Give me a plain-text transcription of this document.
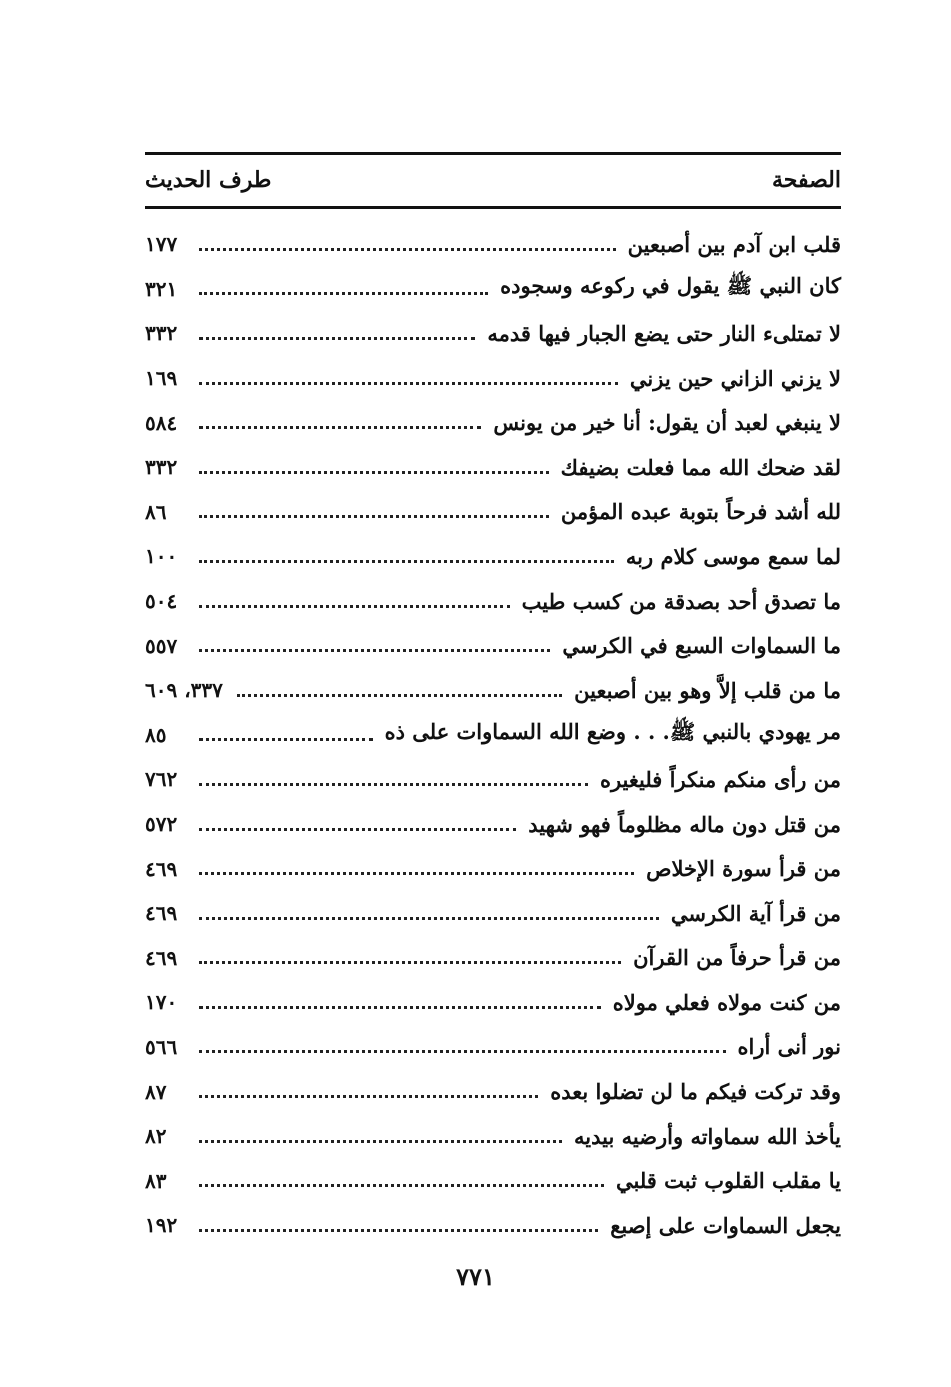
طرف الحديث	الصفحة
قلب ابن آدم بين أصبعين
١٧٧
كان النبي ﷺ يقول في ركوعه وسجوده
٣٢١
لا تمتلىء النار حتى يضع الجبار فيها قدمه
٣٣٢
لا يزني الزاني حين يزني
١٦٩
لا ينبغي لعبد أن يقول: أنا خير من يونس
٥٨٤
لقد ضحك الله مما فعلت بضيفك
٣٣٢
لله أشد فرحاً بتوبة عبده المؤمن
٨٦
لما سمع موسى كلام ربه
١٠٠
ما تصدق أحد بصدقة من كسب طيب
٥٠٤
ما السماوات السبع في الكرسي
٥٥٧
ما من قلب إلاَّ وهو بين أصبعين
٣٣٧، ٦٠٩
مر يهودي بالنبي ﷺ. . . وضع الله السماوات على ذه
٨٥
من رأى منكم منكراً فليغيره
٧٦٢
من قتل دون ماله مظلوماً فهو شهيد
٥٧٢
من قرأ سورة الإخلاص
٤٦٩
من قرأ آية الكرسي
٤٦٩
من قرأ حرفاً من القرآن
٤٦٩
من كنت مولاه فعلي مولاه
١٧٠
نور أنى أراه
٥٦٦
وقد تركت فيكم ما لن تضلوا بعده
٨٧
يأخذ الله سماواته وأرضيه بيديه
٨٢
يا مقلب القلوب ثبت قلبي
٨٣
يجعل السماوات على إصبع
١٩٢
٧٧١
